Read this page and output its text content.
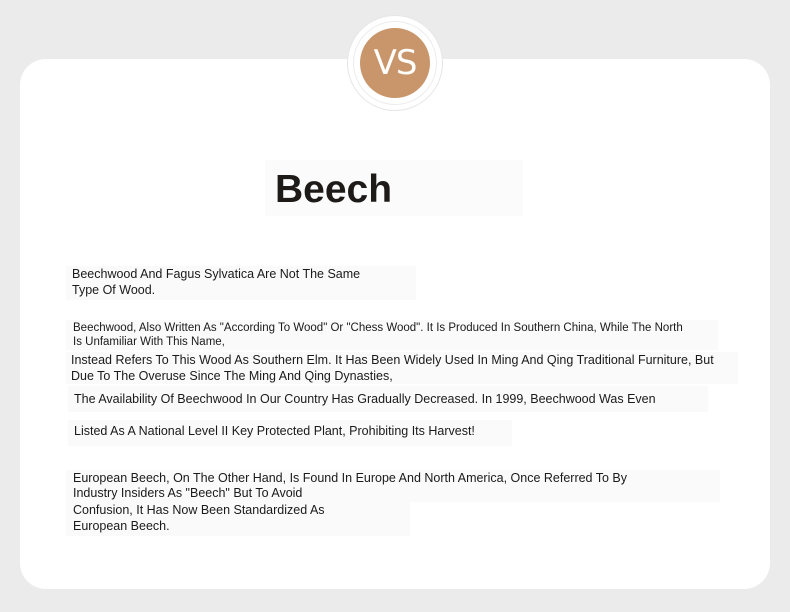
VS
Beech
Beechwood And Fagus Sylvatica Are Not The Same
Type Of Wood.
Beechwood, Also Written As "According To Wood" Or "Chess Wood". It Is Produced In Southern China, While The North
Is Unfamiliar With This Name,
Instead Refers To This Wood As Southern Elm. It Has Been Widely Used In Ming And Qing Traditional Furniture, But
Due To The Overuse Since The Ming And Qing Dynasties,
The Availability Of Beechwood In Our Country Has Gradually Decreased. In 1999, Beechwood Was Even
Listed As A National Level II Key Protected Plant, Prohibiting Its Harvest!
European Beech, On The Other Hand, Is Found In Europe And North America, Once Referred To By
Industry Insiders As "Beech" But To Avoid
Confusion, It Has Now Been Standardized As
European Beech.
